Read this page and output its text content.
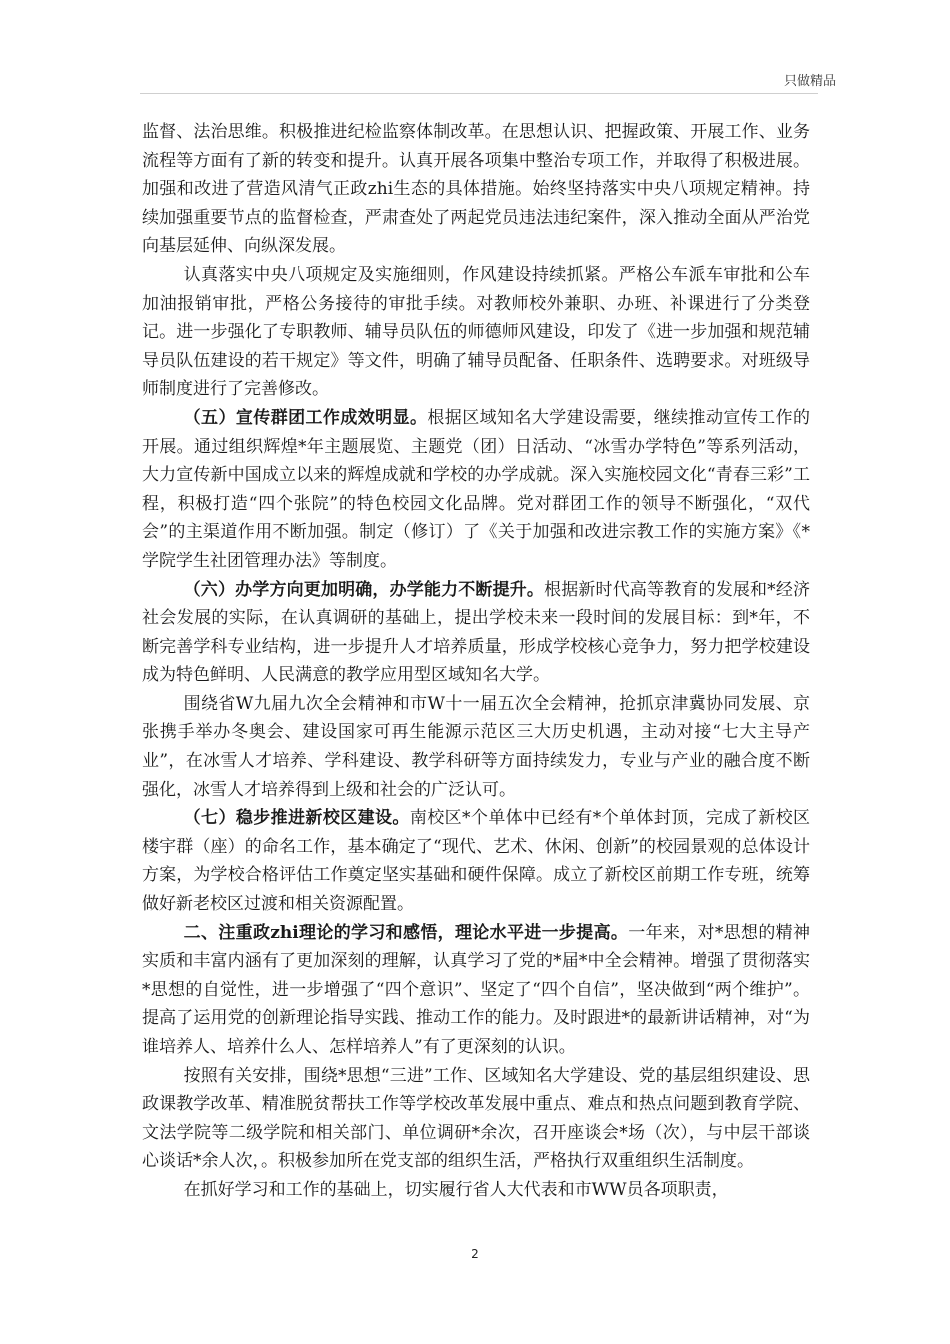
只做精品

监督、法治思维。积极推进纪检监察体制改革。在思想认识、把握政策、开展工作、业务流程等方面有了新的转变和提升。认真开展各项集中整治专项工作，并取得了积极进展。加强和改进了营造风清气正政zhi生态的具体措施。始终坚持落实中央八项规定精神。持续加强重要节点的监督检查，严肃查处了两起党员违法违纪案件，深入推动全面从严治党向基层延伸、向纵深发展。

认真落实中央八项规定及实施细则，作风建设持续抓紧。严格公车派车审批和公车加油报销审批，严格公务接待的审批手续。对教师校外兼职、办班、补课进行了分类登记。进一步强化了专职教师、辅导员队伍的师德师风建设，印发了《进一步加强和规范辅导员队伍建设的若干规定》等文件，明确了辅导员配备、任职条件、选聘要求。对班级导师制度进行了完善修改。

（五）宣传群团工作成效明显。根据区域知名大学建设需要，继续推动宣传工作的开展。通过组织辉煌*年主题展览、主题党（团）日活动、“冰雪办学特色”等系列活动，大力宣传新中国成立以来的辉煌成就和学校的办学成就。深入实施校园文化“青春三彩”工程，积极打造“四个张院”的特色校园文化品牌。党对群团工作的领导不断强化，“双代会”的主渠道作用不断加强。制定（修订）了《关于加强和改进宗教工作的实施方案》《*学院学生社团管理办法》等制度。

（六）办学方向更加明确，办学能力不断提升。根据新时代高等教育的发展和*经济社会发展的实际，在认真调研的基础上，提出学校未来一段时间的发展目标：到*年，不断完善学科专业结构，进一步提升人才培养质量，形成学校核心竞争力，努力把学校建设成为特色鲜明、人民满意的教学应用型区域知名大学。

围绕省W九届九次全会精神和市W十一届五次全会精神，抢抓京津冀协同发展、京张携手举办冬奥会、建设国家可再生能源示范区三大历史机遇，主动对接“七大主导产业”，在冰雪人才培养、学科建设、教学科研等方面持续发力，专业与产业的融合度不断强化，冰雪人才培养得到上级和社会的广泛认可。

（七）稳步推进新校区建设。南校区*个单体中已经有*个单体封顶，完成了新校区楼宇群（座）的命名工作，基本确定了“现代、艺术、休闲、创新”的校园景观的总体设计方案，为学校合格评估工作奠定坚实基础和硬件保障。成立了新校区前期工作专班，统筹做好新老校区过渡和相关资源配置。

二、注重政zhi理论的学习和感悟，理论水平进一步提高。一年来，对*思想的精神实质和丰富内涵有了更加深刻的理解，认真学习了党的*届*中全会精神。增强了贯彻落实*思想的自觉性，进一步增强了“四个意识”、坚定了“四个自信”，坚决做到“两个维护”。提高了运用党的创新理论指导实践、推动工作的能力。及时跟进*的最新讲话精神，对“为谁培养人、培养什么人、怎样培养人”有了更深刻的认识。

按照有关安排，围绕*思想“三进”工作、区域知名大学建设、党的基层组织建设、思政课教学改革、精准脱贫帮扶工作等学校改革发展中重点、难点和热点问题到教育学院、文法学院等二级学院和相关部门、单位调研*余次，召开座谈会*场（次），与中层干部谈心谈话*余人次，。积极参加所在党支部的组织生活，严格执行双重组织生活制度。

在抓好学习和工作的基础上，切实履行省人大代表和市WW员各项职责，

2
